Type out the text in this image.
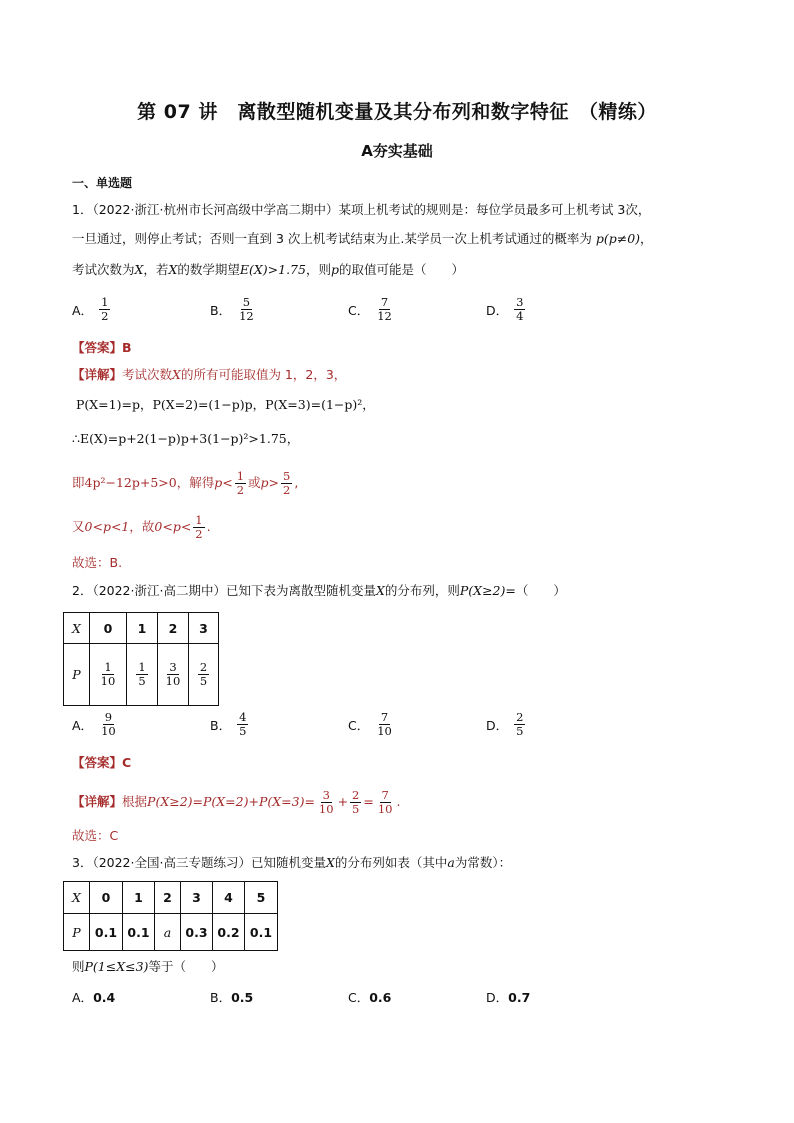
第 07 讲　离散型随机变量及其分布列和数字特征　（精练）
A夯实基础
一、单选题
1．（2022·浙江·杭州市长河高级中学高二期中）某项上机考试的规则是：每位学员最多可上机考试 3次，
一旦通过，则停止考试；否则一直到 3 次上机考试结束为止.某学员一次上机考试通过的概率为 p(p≠0)，
考试次数为X，若X的数学期望E(X)>1.75，则p的取值可能是（　　）
A． $\frac{1}{2}$	B． $\frac{5}{12}$	C． $\frac{7}{12}$	D． $\frac{3}{4}$
【答案】B
【详解】考试次数X的所有可能取值为 1，2，3，
P(X=1)=p，P(X=2)=(1−p)p，P(X=3)=(1−p)²，
∴E(X)=p+2(1−p)p+3(1−p)²>1.75，
即4p²−12p+5>0，解得$p< \frac{1}{2}$ 或$p> \frac{5}{2}$ ,
又0<p<1，故$0<p< \frac{1}{2}$ .
故选：B.
2．（2022·浙江·高二期中）已知下表为离散型随机变量X的分布列，则P(X≥2)=（　　）
X	0	1	2	3
P	$\frac{1}{10}$	$\frac{1}{5}$	$\frac{3}{10}$	$\frac{2}{5}$
A． $\frac{9}{10}$	B． $\frac{4}{5}$	C． $\frac{7}{10}$	D． $\frac{2}{5}$
【答案】C
【详解】根据$P(X\ge 2)=P(X=2)+P(X=3)= \frac{3}{10} + \frac{2}{5} = \frac{7}{10}$ .
故选：C
3．（2022·全国·高三专题练习）已知随机变量X的分布列如表（其中a为常数）：
X	0	1	2	3	4	5
P	0.1	0.1	a	0.3	0.2	0.1
则P(1≤X≤3)等于（　　）
A．0.4	B．0.5	C．0.6	D．0.7
